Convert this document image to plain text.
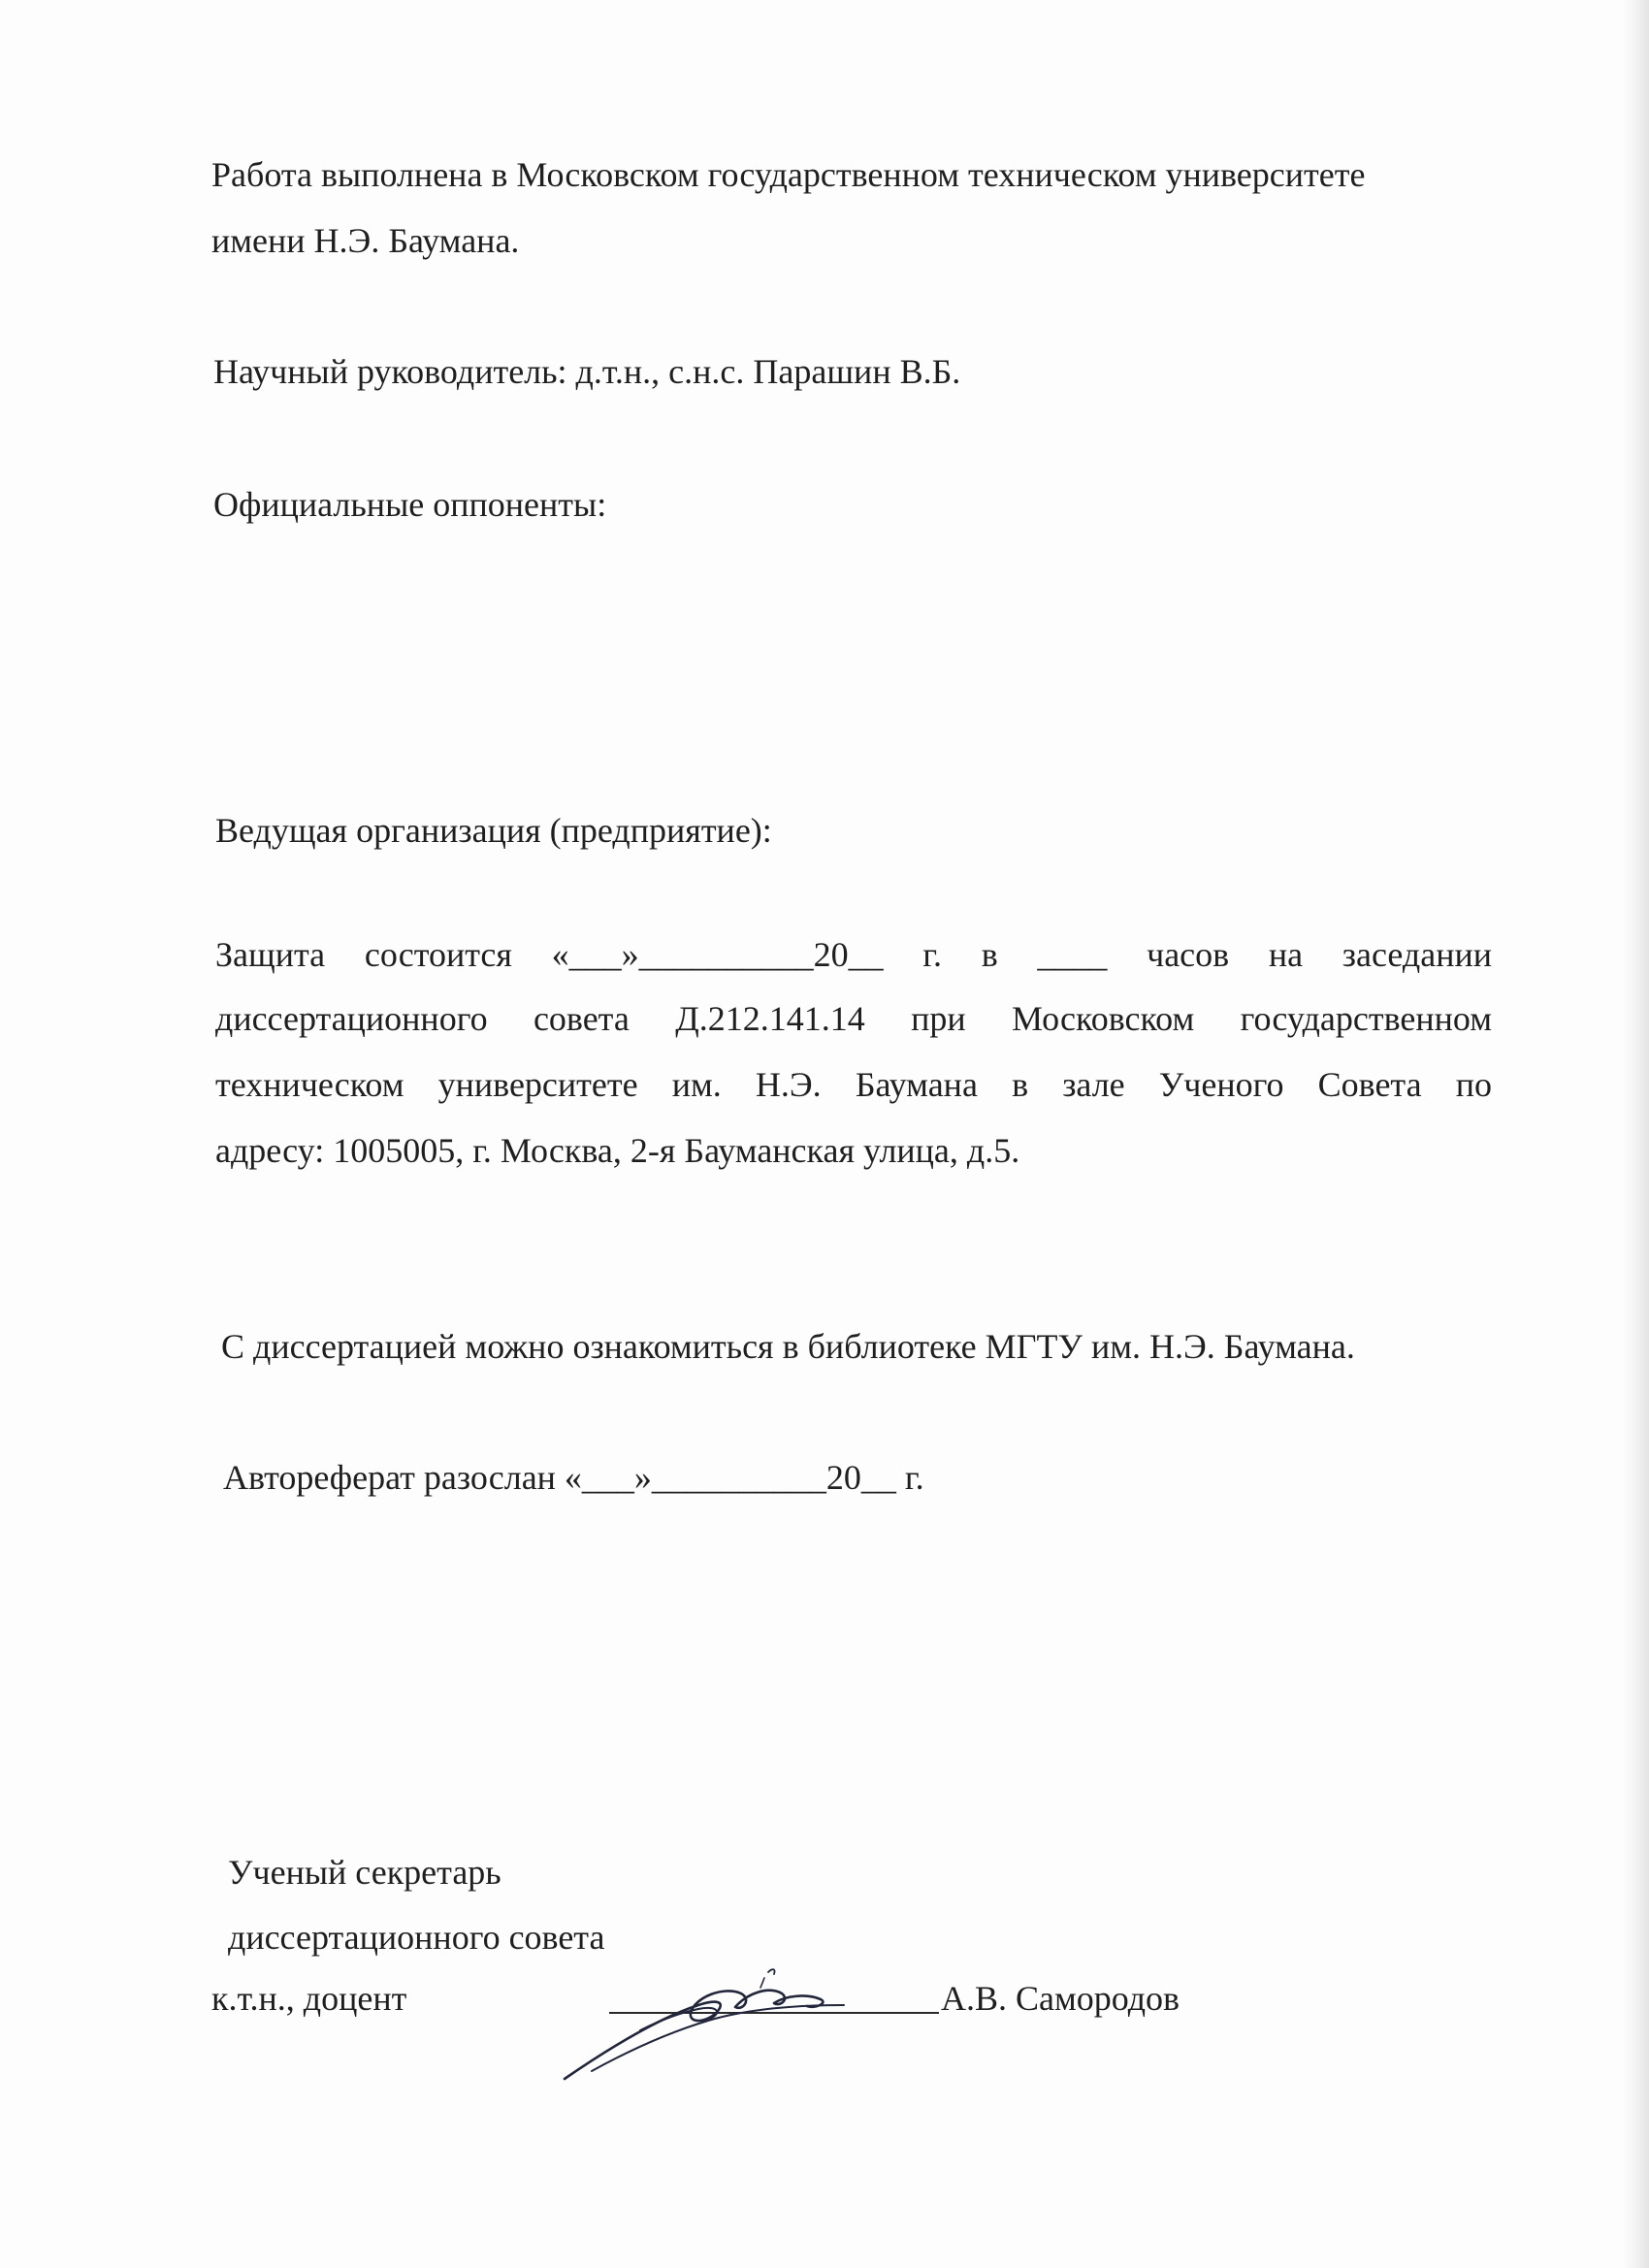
Работа выполнена в Московском государственном техническом университете
имени Н.Э. Баумана.
Научный руководитель: д.т.н., с.н.с. Парашин В.Б.
Официальные оппоненты:
Ведущая организация (предприятие):
Защита состоится «___»__________20__ г. в ____ часов на заседании
диссертационного совета Д.212.141.14 при Московском государственном
техническом университете им. Н.Э. Баумана в зале Ученого Совета по
адресу: 1005005, г. Москва, 2-я Бауманская улица, д.5.
С диссертацией можно ознакомиться в библиотеке МГТУ им. Н.Э. Баумана.
Автореферат разослан «___»__________20__ г.
Ученый секретарь
диссертационного совета
к.т.н., доцент	А.В. Самородов
